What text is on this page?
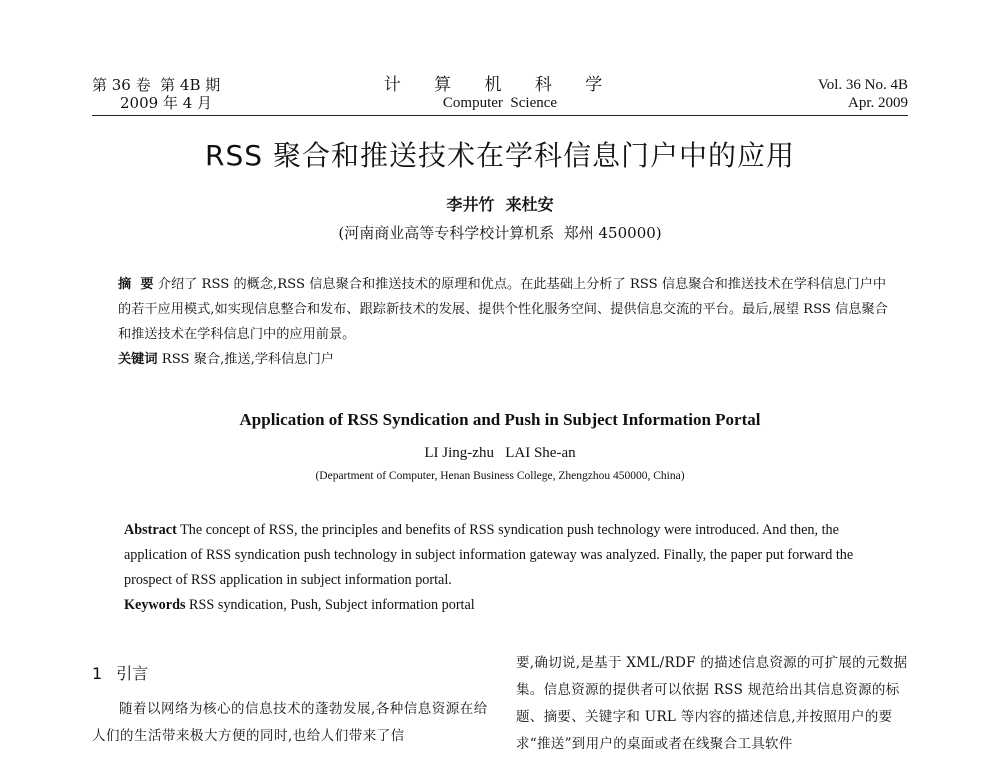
第 36 卷  第 4B 期
2009 年 4 月
计 算 机 科 学
Computer  Science
Vol. 36 No. 4B
Apr. 2009
RSS 聚合和推送技术在学科信息门户中的应用
李井竹  来杜安
(河南商业高等专科学校计算机系  郑州 450000)
摘  要 介绍了 RSS 的概念,RSS 信息聚合和推送技术的原理和优点。在此基础上分析了 RSS 信息聚合和推送技术在学科信息门户中的若干应用模式,如实现信息整合和发布、跟踪新技术的发展、提供个性化服务空间、提供信息交流的平台。最后,展望 RSS 信息聚合和推送技术在学科信息门中的应用前景。
关键词 RSS 聚合,推送,学科信息门户
Application of RSS Syndication and Push in Subject Information Portal
LI Jing-zhu   LAI She-an
(Department of Computer, Henan Business College, Zhengzhou 450000, China)
Abstract The concept of RSS, the principles and benefits of RSS syndication push technology were introduced. And then, the application of RSS syndication push technology in subject information gateway was analyzed. Finally, the paper put forward the prospect of RSS application in subject information portal.
Keywords RSS syndication, Push, Subject information portal
1 引言
随着以网络为核心的信息技术的蓬勃发展,各种信息资源在给人们的生活带来极大方便的同时,也给人们带来了信
要,确切说,是基于 XML/RDF 的描述信息资源的可扩展的元数据集。信息资源的提供者可以依据 RSS 规范给出其信息资源的标题、摘要、关键字和 URL 等内容的描述信息,并按照用户的要求“推送”到用户的桌面或者在线聚合工具软件
